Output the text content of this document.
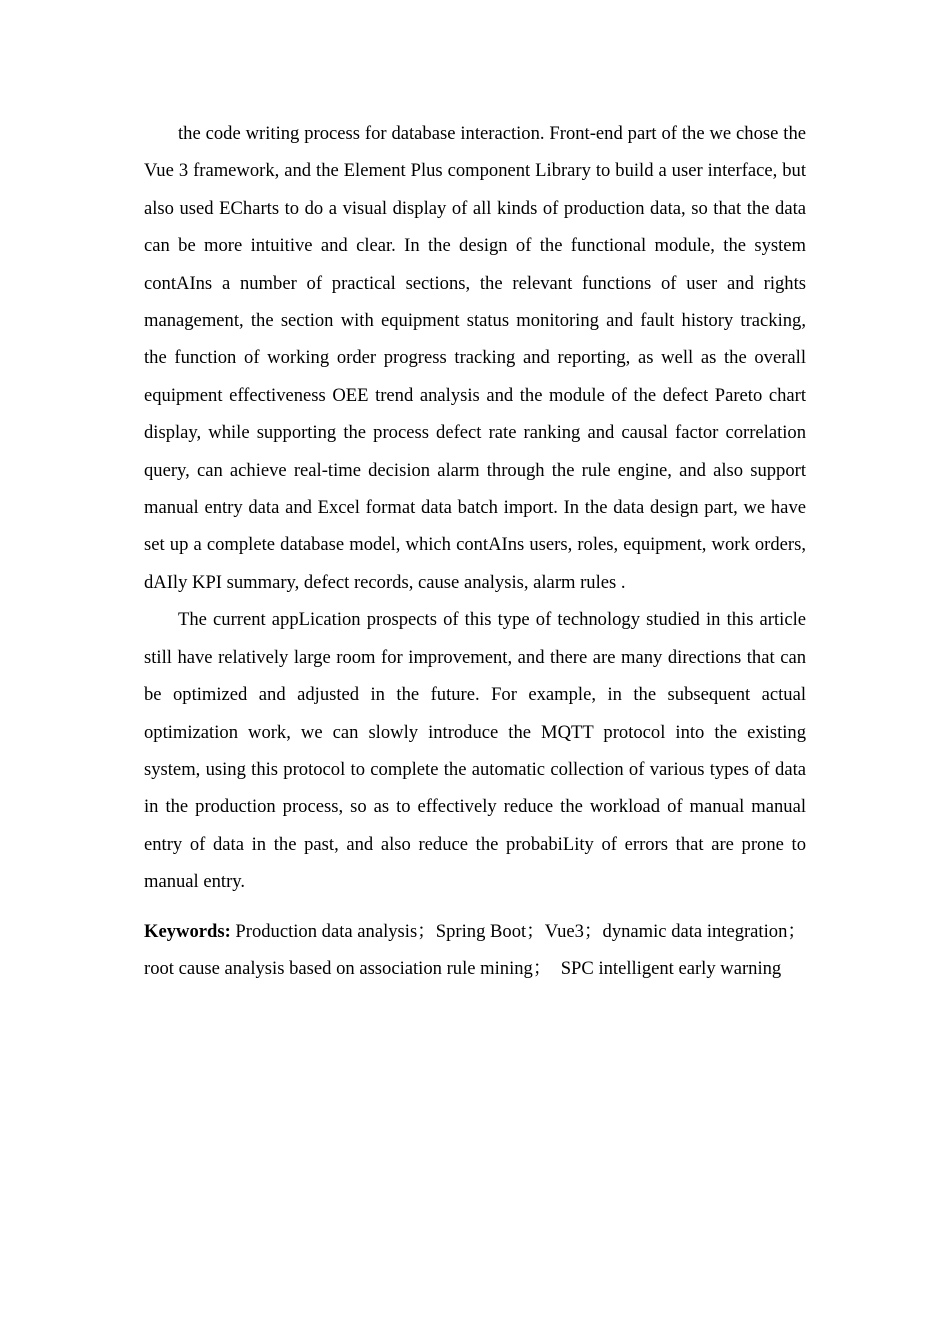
the code writing process for database interaction. Front-end part of the we chose the Vue 3 framework, and the Element Plus component Library to build a user interface, but also used ECharts to do a visual display of all kinds of production data, so that the data can be more intuitive and clear. In the design of the functional module, the system contAIns a number of practical sections, the relevant functions of user and rights management, the section with equipment status monitoring and fault history tracking, the function of working order progress tracking and reporting, as well as the overall equipment effectiveness OEE trend analysis and the module of the defect Pareto chart display, while supporting the process defect rate ranking and causal factor correlation query, can achieve real-time decision alarm through the rule engine, and also support manual entry data and Excel format data batch import. In the data design part, we have set up a complete database model, which contAIns users, roles, equipment, work orders, dAIly KPI summary, defect records, cause analysis, alarm rules .

The current appLication prospects of this type of technology studied in this article still have relatively large room for improvement, and there are many directions that can be optimized and adjusted in the future. For example, in the subsequent actual optimization work, we can slowly introduce the MQTT protocol into the existing system, using this protocol to complete the automatic collection of various types of data in the production process, so as to effectively reduce the workload of manual manual entry of data in the past, and also reduce the probabiLity of errors that are prone to manual entry.

Keywords: Production data analysis；Spring Boot；Vue3；dynamic data integration；root cause analysis based on association rule mining；　SPC intelligent early warning
